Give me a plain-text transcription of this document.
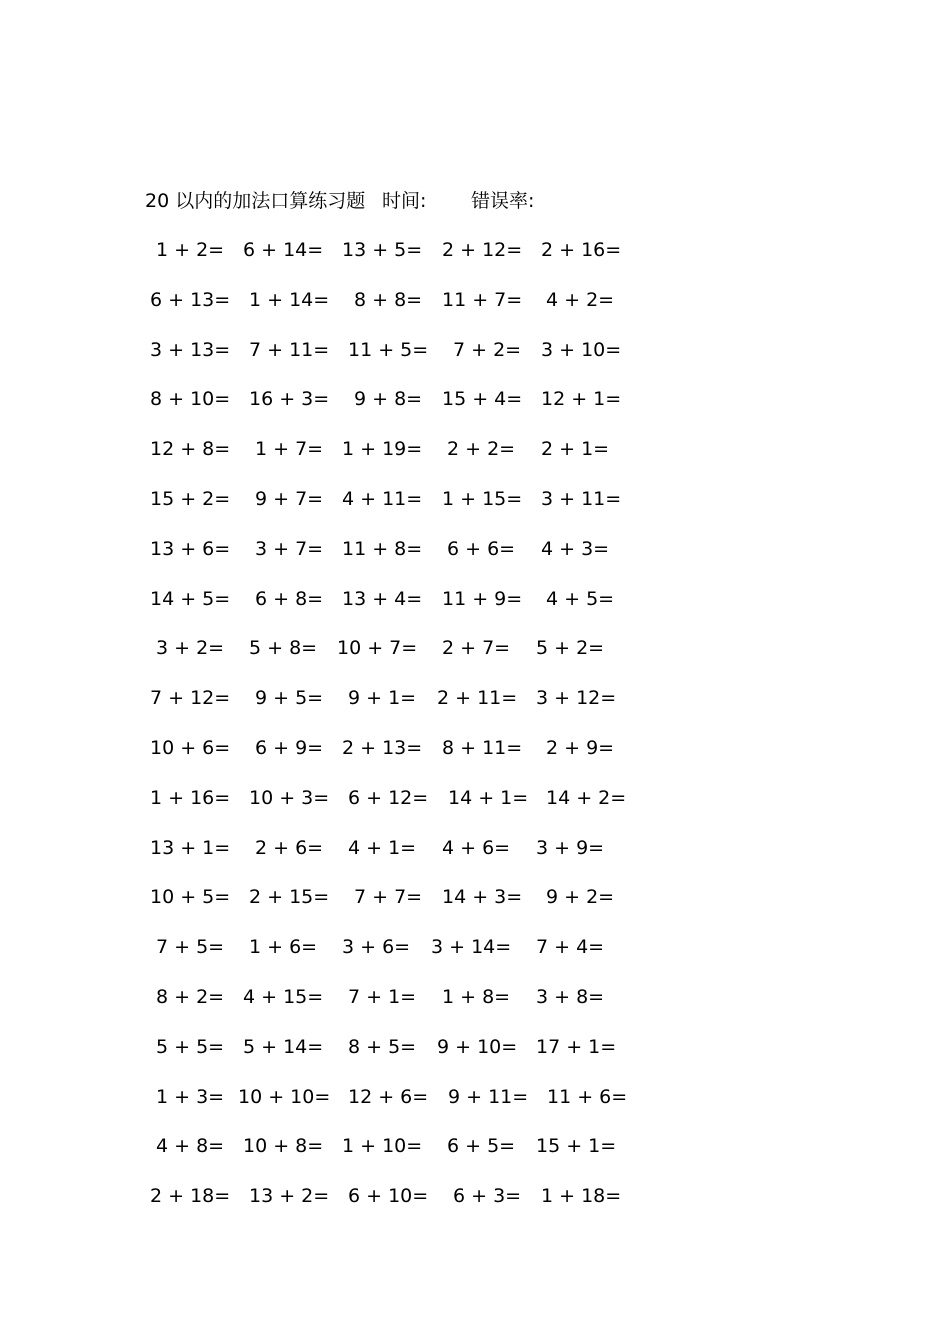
20 以内的加法口算练习题 时间: 错误率:
1 + 2= 6 + 14= 13 + 5= 2 + 12= 2 + 16=
6 + 13= 1 + 14= 8 + 8= 11 + 7= 4 + 2=
3 + 13= 7 + 11= 11 + 5= 7 + 2= 3 + 10=
8 + 10= 16 + 3= 9 + 8= 15 + 4= 12 + 1=
12 + 8= 1 + 7= 1 + 19= 2 + 2= 2 + 1=
15 + 2= 9 + 7= 4 + 11= 1 + 15= 3 + 11=
13 + 6= 3 + 7= 11 + 8= 6 + 6= 4 + 3=
14 + 5= 6 + 8= 13 + 4= 11 + 9= 4 + 5=
3 + 2= 5 + 8= 10 + 7= 2 + 7= 5 + 2=
7 + 12= 9 + 5= 9 + 1= 2 + 11= 3 + 12=
10 + 6= 6 + 9= 2 + 13= 8 + 11= 2 + 9=
1 + 16= 10 + 3= 6 + 12= 14 + 1= 14 + 2=
13 + 1= 2 + 6= 4 + 1= 4 + 6= 3 + 9=
10 + 5= 2 + 15= 7 + 7= 14 + 3= 9 + 2=
7 + 5= 1 + 6= 3 + 6= 3 + 14= 7 + 4=
8 + 2= 4 + 15= 7 + 1= 1 + 8= 3 + 8=
5 + 5= 5 + 14= 8 + 5= 9 + 10= 17 + 1=
1 + 3= 10 + 10= 12 + 6= 9 + 11= 11 + 6=
4 + 8= 10 + 8= 1 + 10= 6 + 5= 15 + 1=
2 + 18= 13 + 2= 6 + 10= 6 + 3= 1 + 18=
